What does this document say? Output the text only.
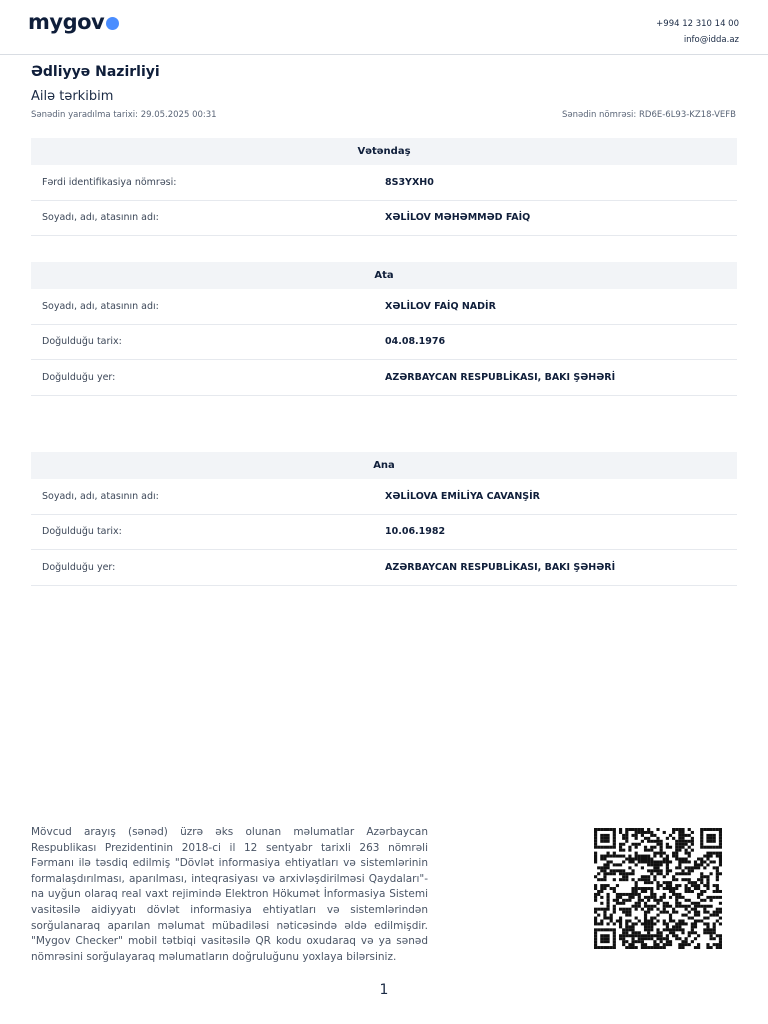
mygov	+994 12 310 14 00
info@idda.az
Ədliyyə Nazirliyi
Ailə tərkibim
Sənədin yaradılma tarixi: 29.05.2025 00:31	Sənədin nömrəsi: RD6E-6L93-KZ18-VEFB
Vətəndaş
Fərdi identifikasiya nömrəsi:	8S3YXH0
Soyadı, adı, atasının adı:	XƏLİLOV MƏHƏMMƏD FAİQ
Ata
Soyadı, adı, atasının adı:	XƏLİLOV FAİQ NADİR
Doğulduğu tarix:	04.08.1976
Doğulduğu yer:	AZƏRBAYCAN RESPUBLİKASI, BAKI ŞƏHƏRİ
Ana
Soyadı, adı, atasının adı:	XƏLİLOVA EMİLİYA CAVANŞİR
Doğulduğu tarix:	10.06.1982
Doğulduğu yer:	AZƏRBAYCAN RESPUBLİKASI, BAKI ŞƏHƏRİ
Mövcud arayış (sənəd) üzrə əks olunan məlumatlar Azərbaycan Respublikası Prezidentinin 2018-ci il 12 sentyabr tarixli 263 nömrəli Fərmanı ilə təsdiq edilmiş "Dövlət informasiya ehtiyatları və sistemlərinin formalaşdırılması, aparılması, inteqrasiyası və arxivləşdirilməsi Qaydaları"-na uyğun olaraq real vaxt rejimində Elektron Hökumət İnformasiya Sistemi vasitəsilə aidiyyatı dövlət informasiya ehtiyatları və sistemlərindən sorğulanaraq aparılan məlumat mübadiləsi nəticəsində əldə edilmişdir. "Mygov Checker" mobil tətbiqi vasitəsilə QR kodu oxudaraq və ya sənəd nömrəsini sorğulayaraq məlumatların doğruluğunu yoxlaya bilərsiniz.
1
